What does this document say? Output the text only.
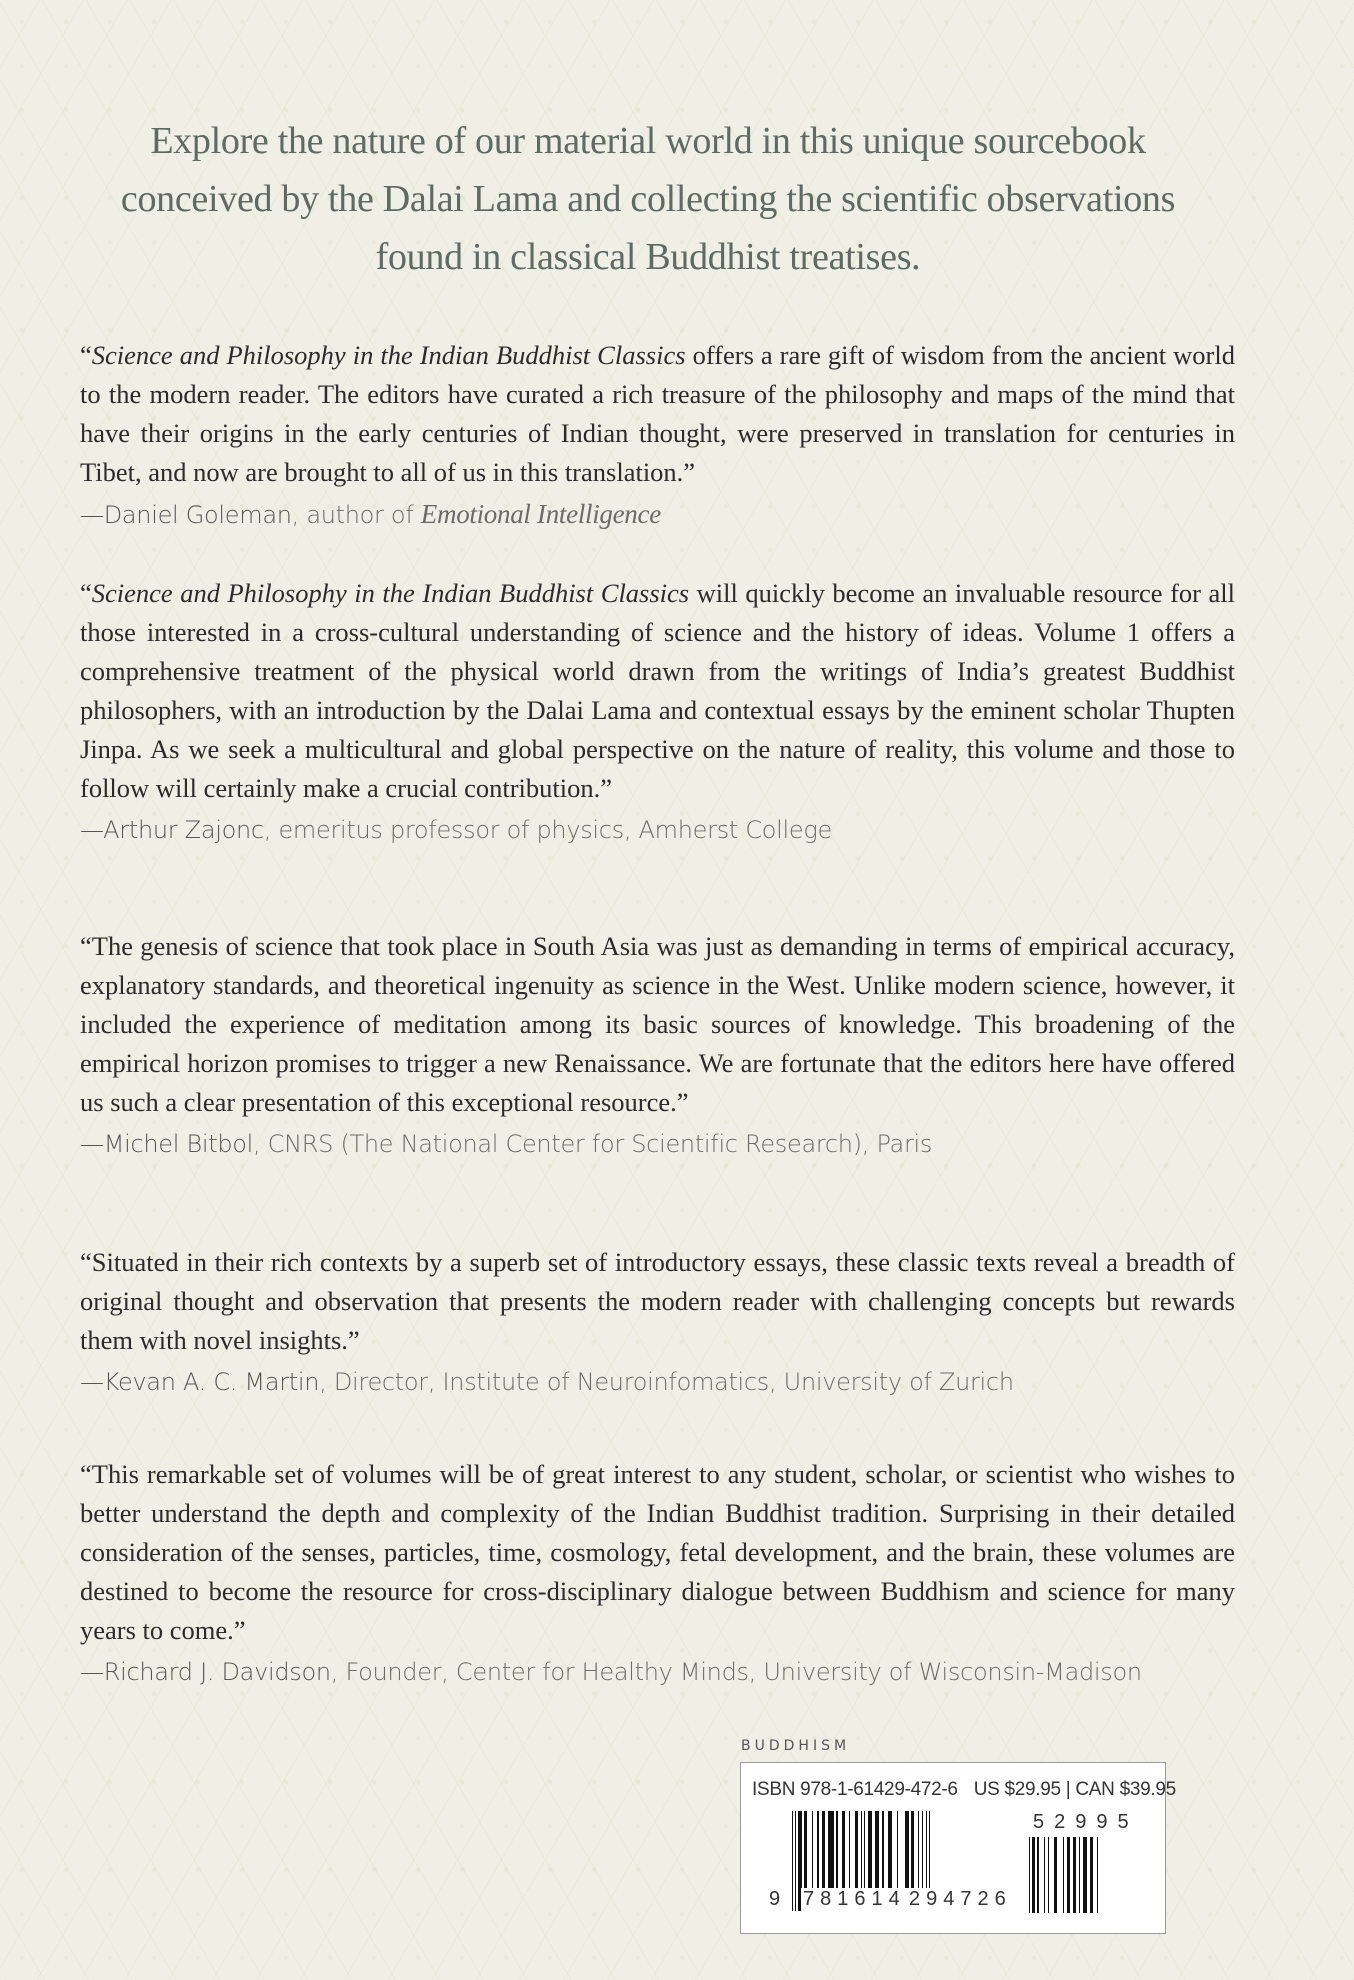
Explore the nature of our material world in this unique sourcebook
conceived by the Dalai Lama and collecting the scientific observations
found in classical Buddhist treatises.
“Science and Philosophy in the Indian Buddhist Classics offers a rare gift of wisdom from the ancient world to the modern reader. The editors have curated a rich treasure of the philosophy and maps of the mind that have their origins in the early centuries of Indian thought, were preserved in translation for centuries in Tibet, and now are brought to all of us in this translation.”
—Daniel Goleman, author of Emotional Intelligence
“Science and Philosophy in the Indian Buddhist Classics will quickly become an invaluable resource for all those interested in a cross-cultural understanding of science and the history of ideas. Volume 1 offers a comprehensive treatment of the physical world drawn from the writings of India’s greatest Buddhist philosophers, with an introduction by the Dalai Lama and contextual essays by the eminent scholar Thupten Jinpa. As we seek a multicultural and global perspective on the nature of reality, this volume and those to follow will certainly make a crucial contribution.”
—Arthur Zajonc, emeritus professor of physics, Amherst College
“The genesis of science that took place in South Asia was just as demanding in terms of empirical accuracy, explanatory standards, and theoretical ingenuity as science in the West. Unlike modern science, however, it included the experience of meditation among its basic sources of knowledge. This broadening of the empirical horizon promises to trigger a new Renaissance. We are fortunate that the editors here have offered us such a clear presentation of this exceptional resource.”
—Michel Bitbol, CNRS (The National Center for Scientific Research), Paris
“Situated in their rich contexts by a superb set of introductory essays, these classic texts reveal a breadth of original thought and observation that presents the modern reader with challenging concepts but rewards them with novel insights.”
—Kevan A. C. Martin, Director, Institute of Neuroinfomatics, University of Zurich
“This remarkable set of volumes will be of great interest to any student, scholar, or scientist who wishes to better understand the depth and complexity of the Indian Buddhist tradition. Surprising in their detailed consideration of the senses, particles, time, cosmology, fetal development, and the brain, these volumes are destined to become the resource for cross-disciplinary dialogue between Buddhism and science for many years to come.”
—Richard J. Davidson, Founder, Center for Healthy Minds, University of Wisconsin-Madison
BUDDHISM
ISBN 978-1-61429-472-6 US $29.95 | CAN $39.95
9 781614 294726
52995
